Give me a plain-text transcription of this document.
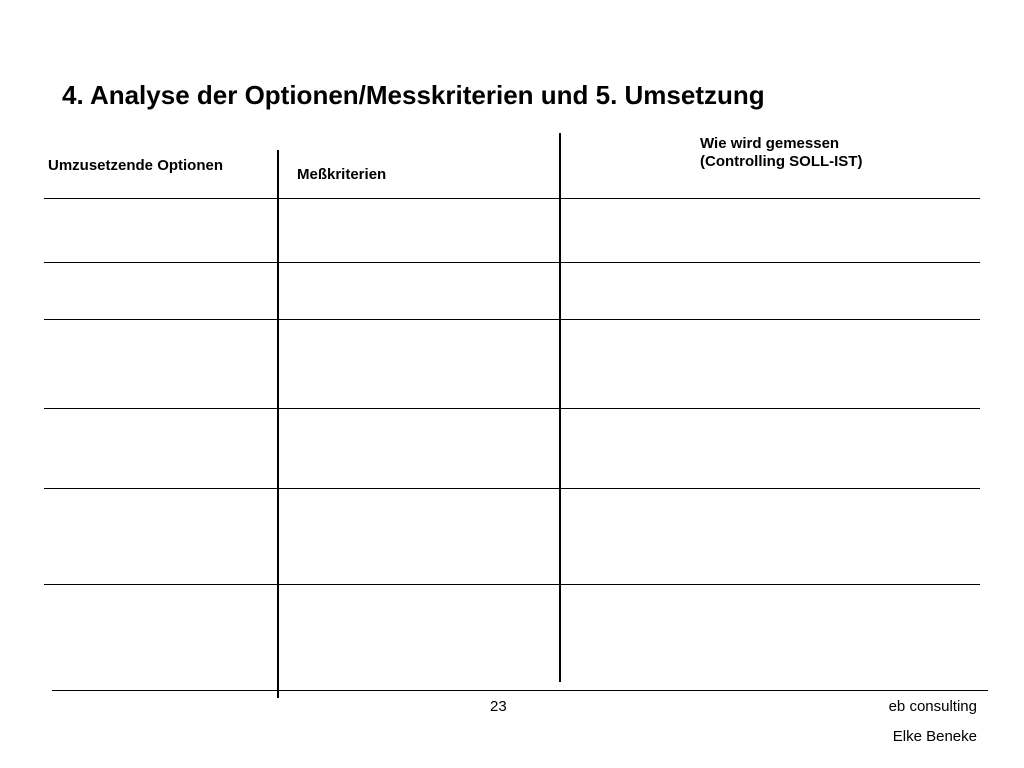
4. Analyse der Optionen/Messkriterien und 5. Umsetzung
Umzusetzende Optionen
Meßkriterien
Wie wird gemessen
(Controlling SOLL-IST)
23	eb consulting
Elke Beneke
